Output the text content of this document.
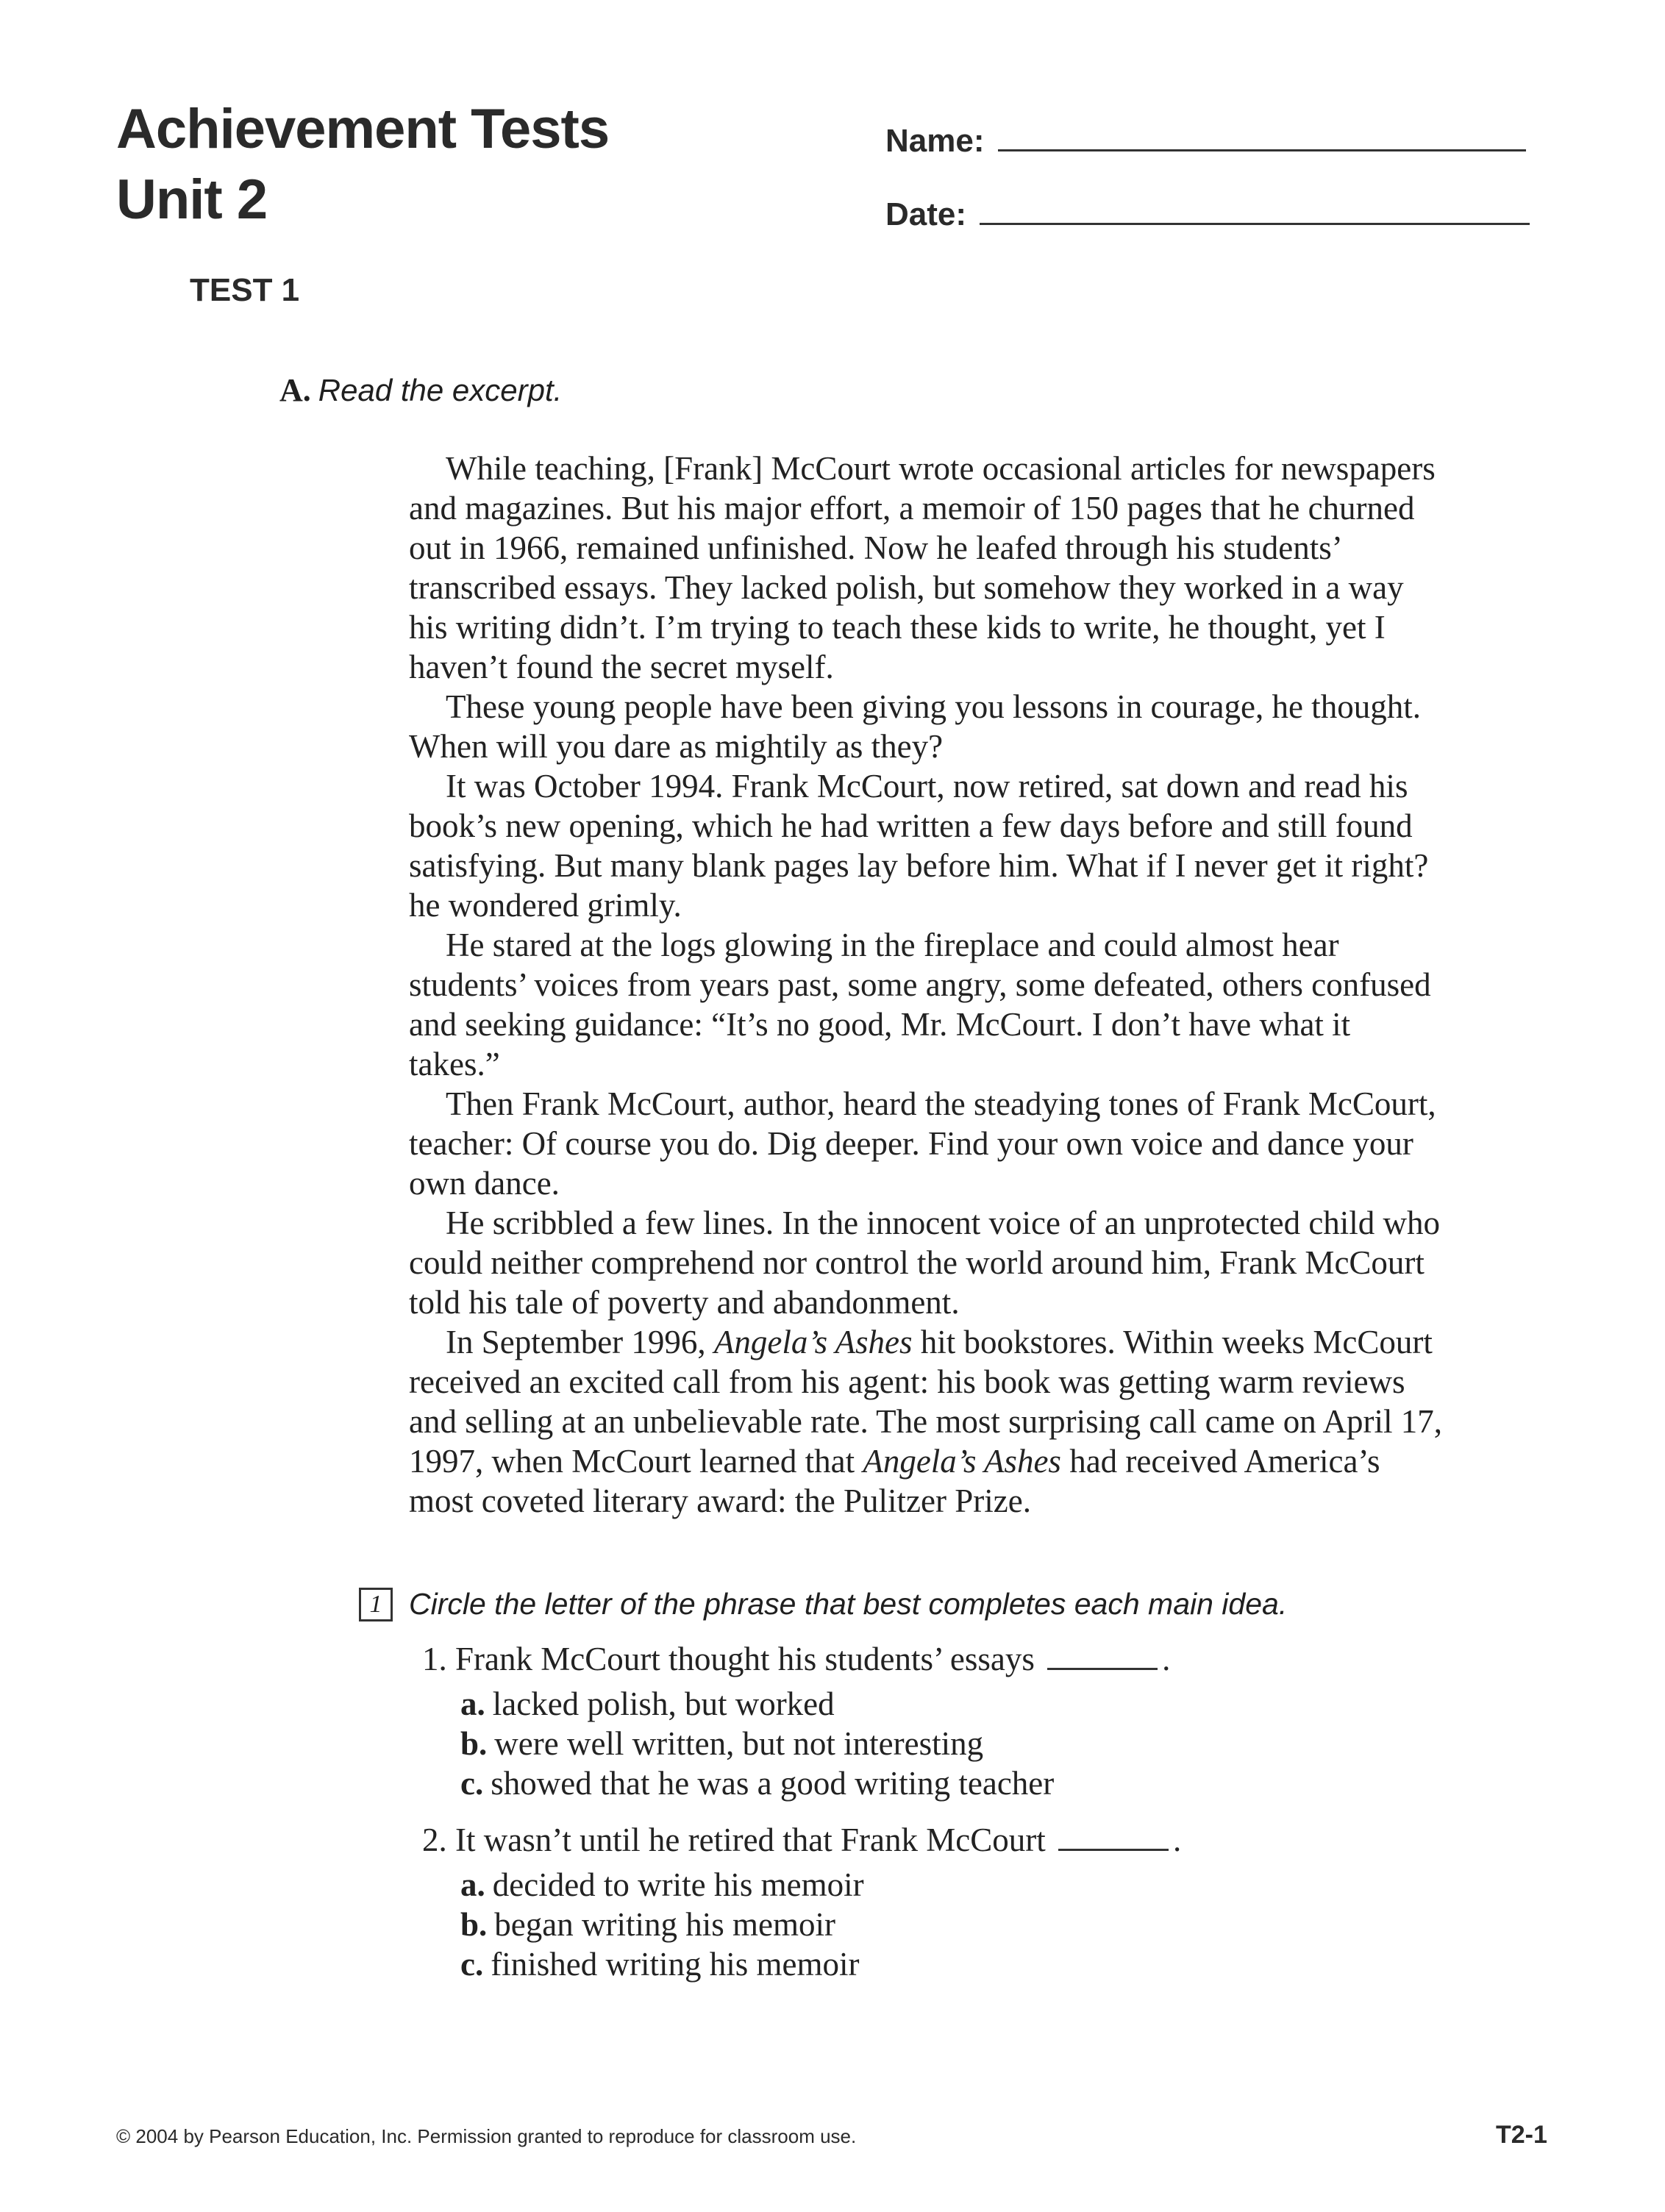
Achievement Tests
Unit 2
Name:
Date:
TEST 1
A. Read the excerpt.

While teaching, [Frank] McCourt wrote occasional articles for newspapers
and magazines. But his major effort, a memoir of 150 pages that he churned
out in 1966, remained unfinished. Now he leafed through his students’
transcribed essays. They lacked polish, but somehow they worked in a way
his writing didn’t. I’m trying to teach these kids to write, he thought, yet I
haven’t found the secret myself.

These young people have been giving you lessons in courage, he thought.
When will you dare as mightily as they?

It was October 1994. Frank McCourt, now retired, sat down and read his
book’s new opening, which he had written a few days before and still found
satisfying. But many blank pages lay before him. What if I never get it right?
he wondered grimly.

He stared at the logs glowing in the fireplace and could almost hear
students’ voices from years past, some angry, some defeated, others confused
and seeking guidance: “It’s no good, Mr. McCourt. I don’t have what it
takes.”

Then Frank McCourt, author, heard the steadying tones of Frank McCourt,
teacher: Of course you do. Dig deeper. Find your own voice and dance your
own dance.

He scribbled a few lines. In the innocent voice of an unprotected child who
could neither comprehend nor control the world around him, Frank McCourt
told his tale of poverty and abandonment.

In September 1996, Angela’s Ashes hit bookstores. Within weeks McCourt
received an excited call from his agent: his book was getting warm reviews
and selling at an unbelievable rate. The most surprising call came on April 17,
1997, when McCourt learned that Angela’s Ashes had received America’s
most coveted literary award: the Pulitzer Prize.

1 Circle the letter of the phrase that best completes each main idea.
1. Frank McCourt thought his students’ essays	.
a. lacked polish, but worked
b. were well written, but not interesting
c. showed that he was a good writing teacher
2. It wasn’t until he retired that Frank McCourt	.
a. decided to write his memoir
b. began writing his memoir
c. finished writing his memoir
© 2004 by Pearson Education, Inc. Permission granted to reproduce for classroom use.	T2-1
